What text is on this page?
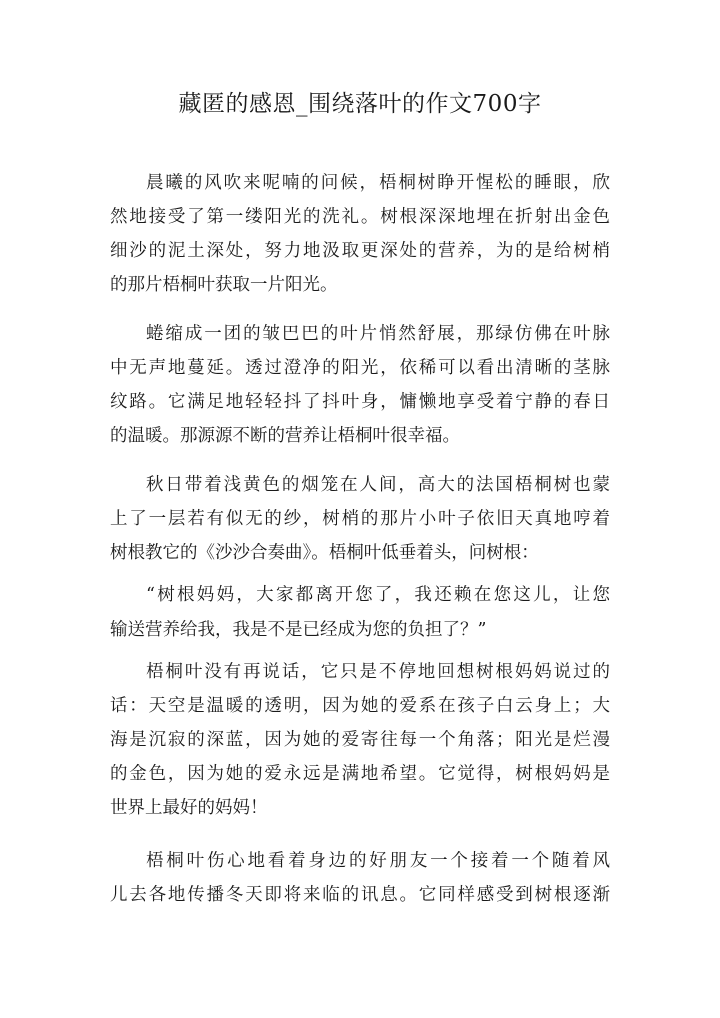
藏匿的感恩_围绕落叶的作文700字
晨曦的风吹来呢喃的问候，梧桐树睁开惺松的睡眼，欣
然地接受了第一缕阳光的洗礼。树根深深地埋在折射出金色
细沙的泥土深处，努力地汲取更深处的营养，为的是给树梢
的那片梧桐叶获取一片阳光。
蜷缩成一团的皱巴巴的叶片悄然舒展，那绿仿佛在叶脉
中无声地蔓延。透过澄净的阳光，依稀可以看出清晰的茎脉
纹路。它满足地轻轻抖了抖叶身，慵懒地享受着宁静的春日
的温暖。那源源不断的营养让梧桐叶很幸福。
秋日带着浅黄色的烟笼在人间，高大的法国梧桐树也蒙
上了一层若有似无的纱，树梢的那片小叶子依旧天真地哼着
树根教它的《沙沙合奏曲》。梧桐叶低垂着头，问树根：
“树根妈妈，大家都离开您了，我还赖在您这儿，让您
输送营养给我，我是不是已经成为您的负担了？”
梧桐叶没有再说话，它只是不停地回想树根妈妈说过的
话：天空是温暖的透明，因为她的爱系在孩子白云身上；大
海是沉寂的深蓝，因为她的爱寄往每一个角落；阳光是烂漫
的金色，因为她的爱永远是满地希望。它觉得，树根妈妈是
世界上最好的妈妈！
梧桐叶伤心地看着身边的好朋友一个接着一个随着风
儿去各地传播冬天即将来临的讯息。它同样感受到树根逐渐
